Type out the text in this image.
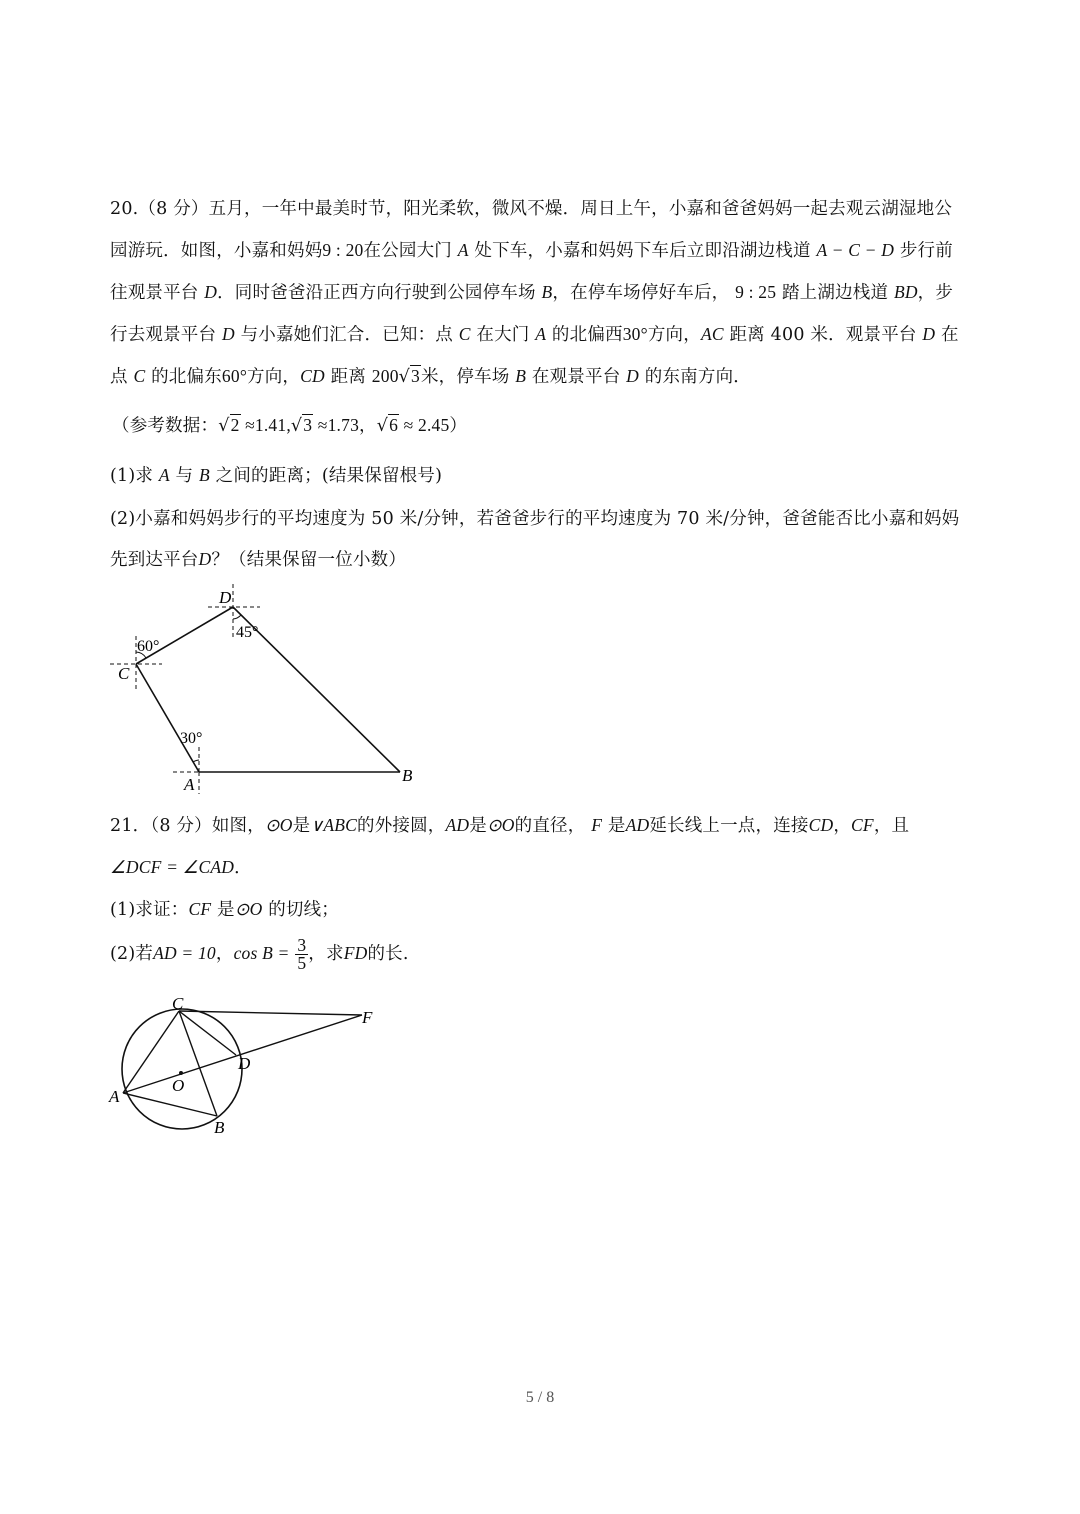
20.（8 分）五月，一年中最美时节，阳光柔软，微风不燥．周日上午，小嘉和爸爸妈妈一起去观云湖湿地公
园游玩．如图，小嘉和妈妈9 : 20在公园大门 A 处下车，小嘉和妈妈下车后立即沿湖边栈道 A − C − D 步行前
往观景平台 D．同时爸爸沿正西方向行驶到公园停车场 B，在停车场停好车后， 9 : 25 踏上湖边栈道 BD，步
行去观景平台 D 与小嘉她们汇合．已知：点 C 在大门 A 的北偏西30°方向，AC 距离 400 米．观景平台 D 在
点 C 的北偏东60°方向，CD 距离 200√3米，停车场 B 在观景平台 D 的东南方向．
（参考数据：√2 ≈1.41,√3 ≈1.73，√6 ≈ 2.45）
(1)求 A 与 B 之间的距离；(结果保留根号)
(2)小嘉和妈妈步行的平均速度为 50 米/分钟，若爸爸步行的平均速度为 70 米/分钟，爸爸能否比小嘉和妈妈
先到达平台D？（结果保留一位小数）
D
C
A	B
60°
45°
30°
C
F
D
O
A
B
21．（8 分）如图，⊙O是∨ABC的外接圆，AD是⊙O的直径， F 是AD延长线上一点，连接CD，CF，且
∠DCF = ∠CAD．
(1)求证：CF 是⊙O 的切线；
(2)若AD = 10，$\cos B = \frac{3}{5}$ ，求FD的长.
5 / 8
